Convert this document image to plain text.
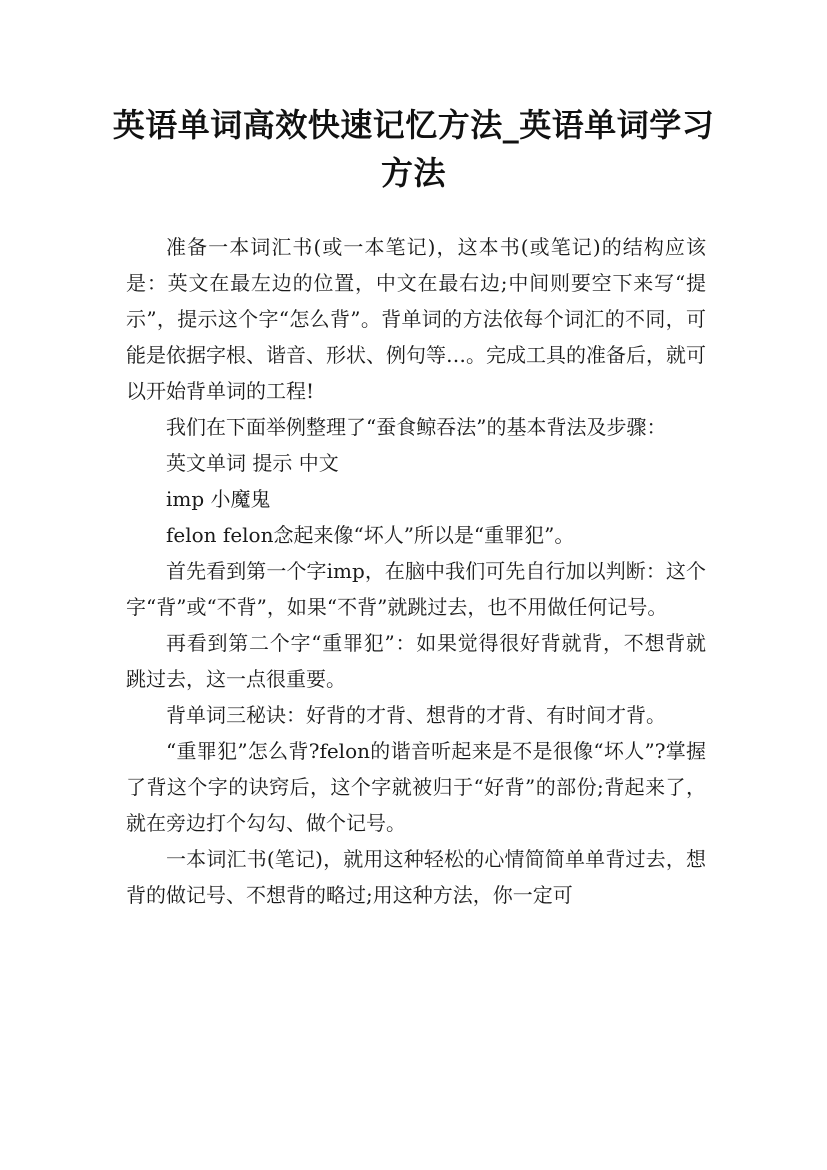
英语单词高效快速记忆方法_英语单词学习方法

准备一本词汇书(或一本笔记)，这本书(或笔记)的结构应该是：英文在最左边的位置，中文在最右边;中间则要空下来写“提示”，提示这个字“怎么背”。背单词的方法依每个词汇的不同，可能是依据字根、谐音、形状、例句等…。完成工具的准备后，就可以开始背单词的工程!

我们在下面举例整理了“蚕食鲸吞法”的基本背法及步骤：

英文单词 提示 中文

imp 小魔鬼

felon felon念起来像“坏人”所以是“重罪犯”。

首先看到第一个字imp，在脑中我们可先自行加以判断：这个字“背”或“不背”，如果“不背”就跳过去，也不用做任何记号。

再看到第二个字“重罪犯”：如果觉得很好背就背，不想背就跳过去，这一点很重要。

背单词三秘诀：好背的才背、想背的才背、有时间才背。

“重罪犯”怎么背?felon的谐音听起来是不是很像“坏人”?掌握了背这个字的诀窍后，这个字就被归于“好背”的部份;背起来了，就在旁边打个勾勾、做个记号。

一本词汇书(笔记)，就用这种轻松的心情简简单单背过去，想背的做记号、不想背的略过;用这种方法，你一定可
